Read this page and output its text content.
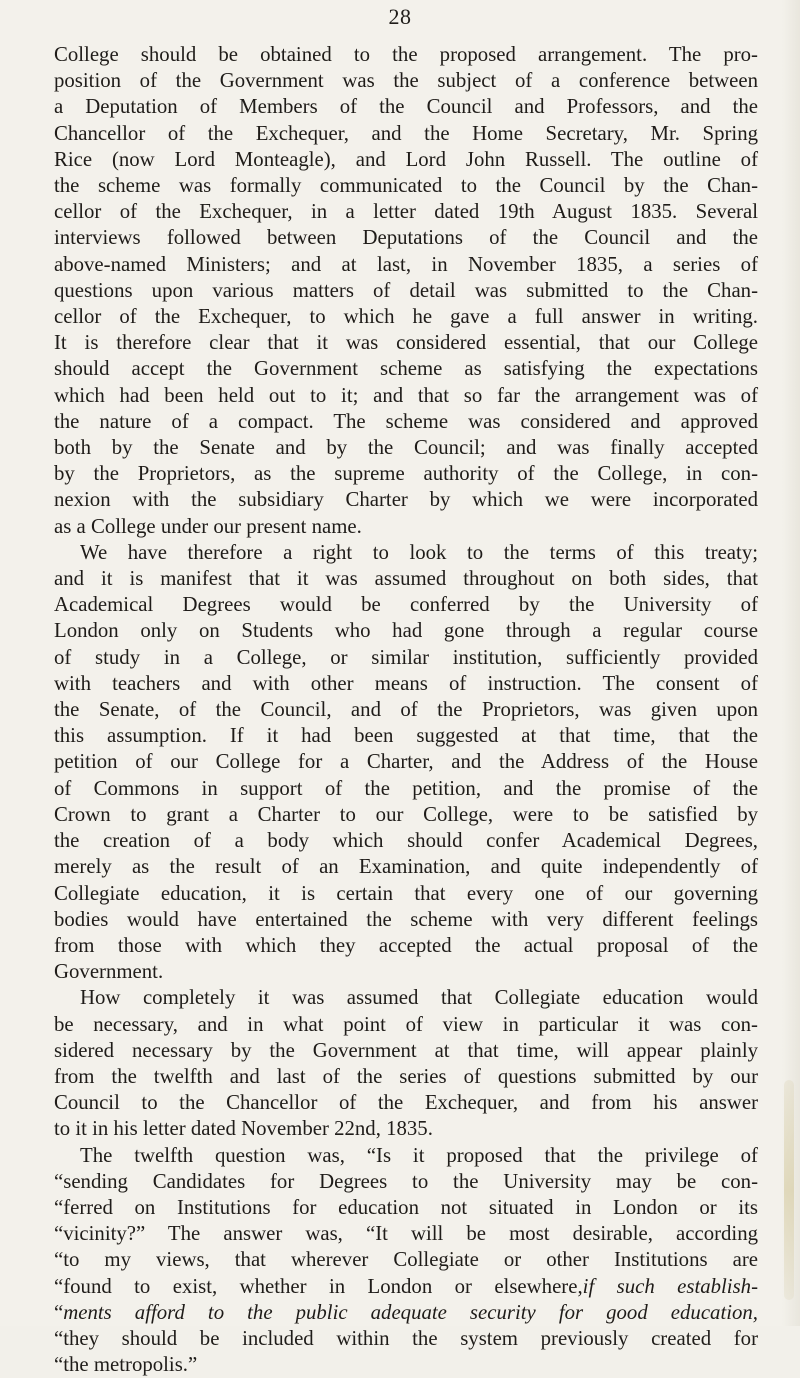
28
College should be obtained to the proposed arrangement. The pro-
position of the Government was the subject of a conference between
a Deputation of Members of the Council and Professors, and the
Chancellor of the Exchequer, and the Home Secretary, Mr. Spring
Rice (now Lord Monteagle), and Lord John Russell. The outline of
the scheme was formally communicated to the Council by the Chan-
cellor of the Exchequer, in a letter dated 19th August 1835. Several
interviews followed between Deputations of the Council and the
above-named Ministers; and at last, in November 1835, a series of
questions upon various matters of detail was submitted to the Chan-
cellor of the Exchequer, to which he gave a full answer in writing.
It is therefore clear that it was considered essential, that our College
should accept the Government scheme as satisfying the expectations
which had been held out to it; and that so far the arrangement was of
the nature of a compact. The scheme was considered and approved
both by the Senate and by the Council; and was finally accepted
by the Proprietors, as the supreme authority of the College, in con-
nexion with the subsidiary Charter by which we were incorporated
as a College under our present name.
We have therefore a right to look to the terms of this treaty;
and it is manifest that it was assumed throughout on both sides, that
Academical Degrees would be conferred by the University of
London only on Students who had gone through a regular course
of study in a College, or similar institution, sufficiently provided
with teachers and with other means of instruction. The consent of
the Senate, of the Council, and of the Proprietors, was given upon
this assumption. If it had been suggested at that time, that the
petition of our College for a Charter, and the Address of the House
of Commons in support of the petition, and the promise of the
Crown to grant a Charter to our College, were to be satisfied by
the creation of a body which should confer Academical Degrees,
merely as the result of an Examination, and quite independently of
Collegiate education, it is certain that every one of our governing
bodies would have entertained the scheme with very different feelings
from those with which they accepted the actual proposal of the
Government.
How completely it was assumed that Collegiate education would
be necessary, and in what point of view in particular it was con-
sidered necessary by the Government at that time, will appear plainly
from the twelfth and last of the series of questions submitted by our
Council to the Chancellor of the Exchequer, and from his answer
to it in his letter dated November 22nd, 1835.
The twelfth question was, “Is it proposed that the privilege of
“sending Candidates for Degrees to the University may be con-
“ferred on Institutions for education not situated in London or its
“vicinity?” The answer was, “It will be most desirable, according
“to my views, that wherever Collegiate or other Institutions are
“found to exist, whether in London or elsewhere,if such establish-
“ments afford to the public adequate security for good education,
“they should be included within the system previously created for
“the metropolis.”
